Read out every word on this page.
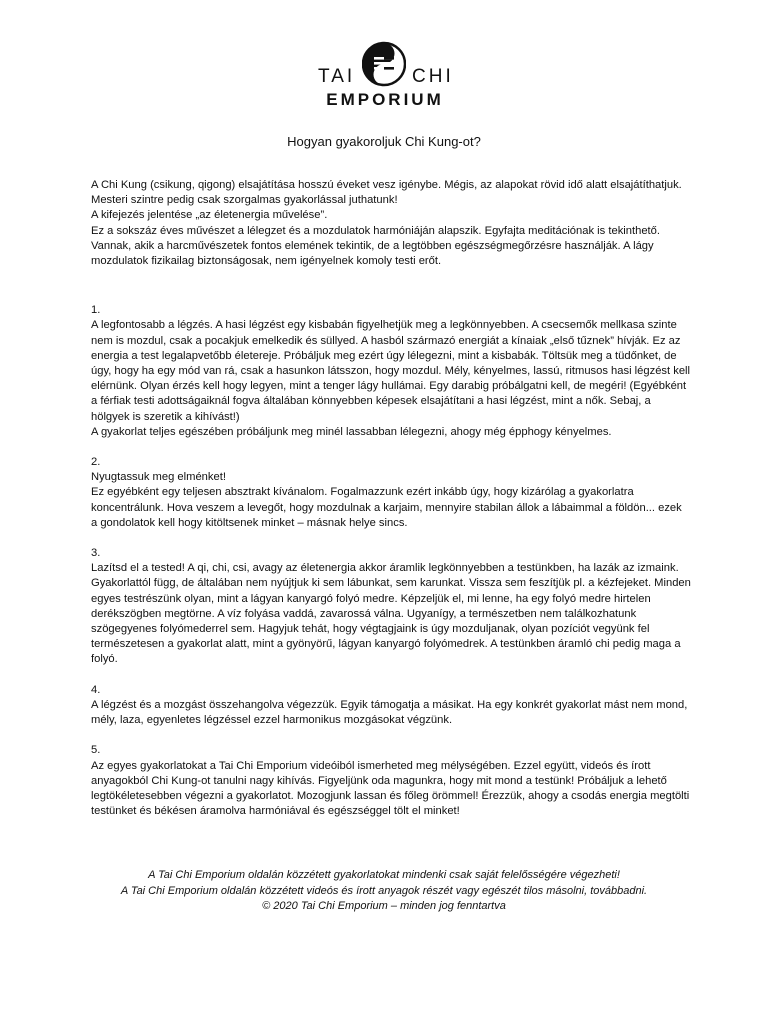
TAI	CHI
EMPORIUM
Hogyan gyakoroljuk Chi Kung-ot?

A Chi Kung (csikung, qigong) elsajátítása hosszú éveket vesz igénybe. Mégis, az alapokat rövid idő alatt elsajátíthatjuk. Mesteri szintre pedig csak szorgalmas gyakorlással juthatunk!

A kifejezés jelentése „az életenergia művelése”.

Ez a sokszáz éves művészet a lélegzet és a mozdulatok harmóniáján alapszik. Egyfajta meditációnak is tekinthető.

Vannak, akik a harcművészetek fontos elemének tekintik, de a legtöbben egészségmegőrzésre használják. A lágy mozdulatok fizikailag biztonságosak, nem igényelnek komoly testi erőt.

1.

A legfontosabb a légzés. A hasi légzést egy kisbabán figyelhetjük meg a legkönnyebben. A csecsemők mellkasa szinte nem is mozdul, csak a pocakjuk emelkedik és süllyed. A hasból származó energiát a kínaiak „első tűznek” hívják. Ez az energia a test legalapvetőbb életereje. Próbáljuk meg ezért úgy lélegezni, mint a kisbabák. Töltsük meg a tüdőnket, de úgy, hogy ha egy mód van rá, csak a hasunkon látsszon, hogy mozdul. Mély, kényelmes, lassú, ritmusos hasi légzést kell elérnünk. Olyan érzés kell hogy legyen, mint a tenger lágy hullámai. Egy darabig próbálgatni kell, de megéri! (Egyébként a férfiak testi adottságaiknál fogva általában könnyebben képesek elsajátítani a hasi légzést, mint a nők. Sebaj, a hölgyek is szeretik a kihívást!)

A gyakorlat teljes egészében próbáljunk meg minél lassabban lélegezni, ahogy még épphogy kényelmes.

2.

Nyugtassuk meg elménket!

Ez egyébként egy teljesen absztrakt kívánalom. Fogalmazzunk ezért inkább úgy, hogy kizárólag a gyakorlatra koncentrálunk. Hova veszem a levegőt, hogy mozdulnak a karjaim, mennyire stabilan állok a lábaimmal a földön... ezek a gondolatok kell hogy kitöltsenek minket – másnak helye sincs.

3.

Lazítsd el a tested! A qi, chi, csi, avagy az életenergia akkor áramlik legkönnyebben a testünkben, ha lazák az izmaink. Gyakorlattól függ, de általában nem nyújtjuk ki sem lábunkat, sem karunkat. Vissza sem feszítjük pl. a kézfejeket. Minden egyes testrészünk olyan, mint a lágyan kanyargó folyó medre. Képzeljük el, mi lenne, ha egy folyó medre hirtelen derékszögben megtörne. A víz folyása vaddá, zavarossá válna. Ugyanígy, a természetben nem találkozhatunk szögegyenes folyómederrel sem. Hagyjuk tehát, hogy végtagjaink is úgy mozduljanak, olyan pozíciót vegyünk fel természetesen a gyakorlat alatt, mint a gyönyörű, lágyan kanyargó folyómedrek. A testünkben áramló chi pedig maga a folyó.

4.

A légzést és a mozgást összehangolva végezzük. Egyik támogatja a másikat. Ha egy konkrét gyakorlat mást nem mond, mély, laza, egyenletes légzéssel ezzel harmonikus mozgásokat végzünk.

5.

Az egyes gyakorlatokat a Tai Chi Emporium videóiból ismerheted meg mélységében. Ezzel együtt, videós és írott anyagokból Chi Kung-ot tanulni nagy kihívás. Figyeljünk oda magunkra, hogy mit mond a testünk! Próbáljuk a lehető legtökéletesebben végezni a gyakorlatot. Mozogjunk lassan és főleg örömmel! Érezzük, ahogy a csodás energia megtölti testünket és békésen áramolva harmóniával és egészséggel tölt el minket!

A Tai Chi Emporium oldalán közzétett gyakorlatokat mindenki csak saját felelősségére végezheti!

A Tai Chi Emporium oldalán közzétett videós és írott anyagok részét vagy egészét tilos másolni, továbbadni.

© 2020 Tai Chi Emporium – minden jog fenntartva
